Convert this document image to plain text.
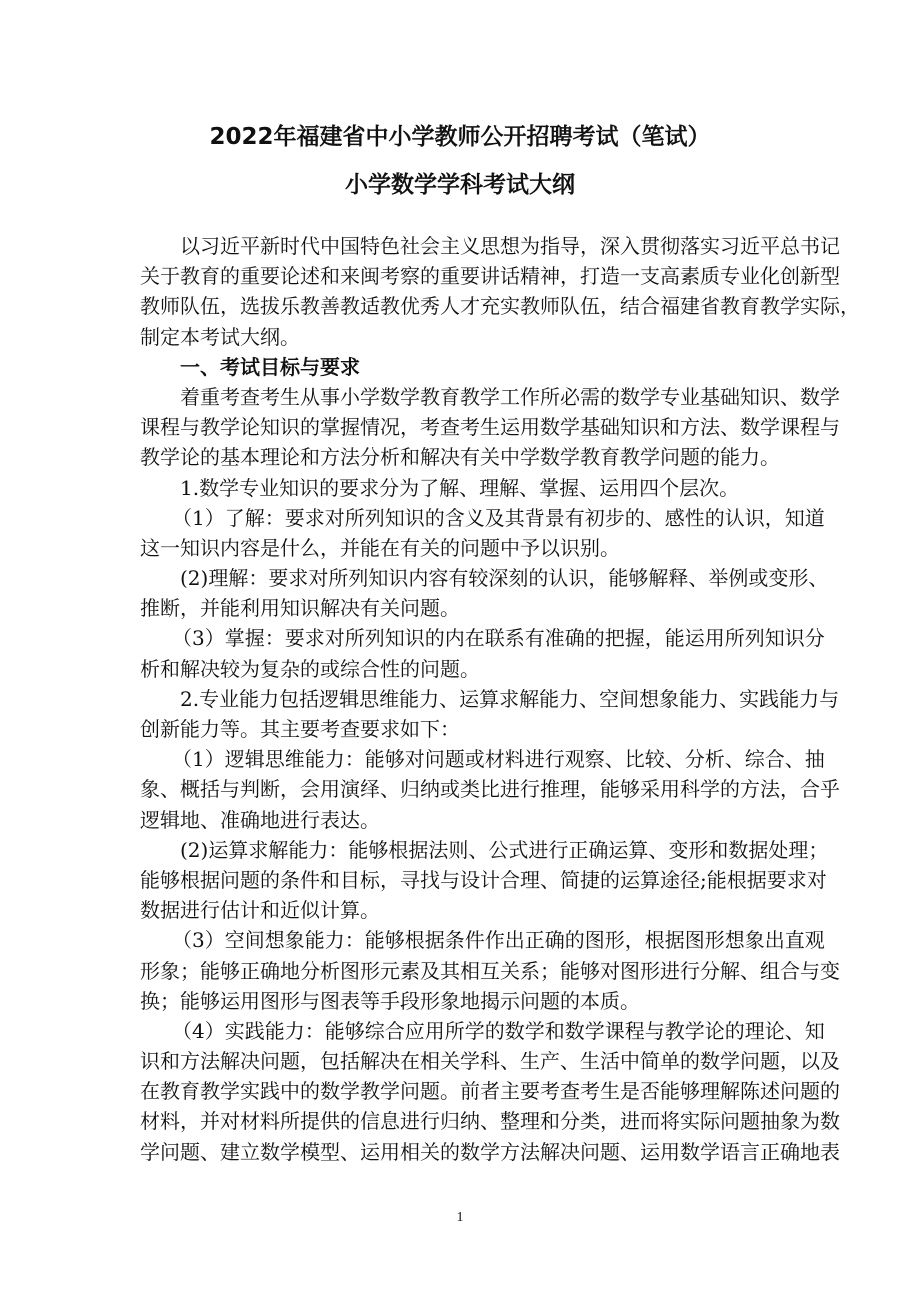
2022年福建省中小学教师公开招聘考试（笔试）
小学数学学科考试大纲
以习近平新时代中国特色社会主义思想为指导，深入贯彻落实习近平总书记
关于教育的重要论述和来闽考察的重要讲话精神，打造一支高素质专业化创新型
教师队伍，选拔乐教善教适教优秀人才充实教师队伍，结合福建省教育教学实际，
制定本考试大纲。
一、考试目标与要求
着重考查考生从事小学数学教育教学工作所必需的数学专业基础知识、数学
课程与教学论知识的掌握情况，考查考生运用数学基础知识和方法、数学课程与
教学论的基本理论和方法分析和解决有关中学数学教育教学问题的能力。
1.数学专业知识的要求分为了解、理解、掌握、运用四个层次。
（1）了解：要求对所列知识的含义及其背景有初步的、感性的认识，知道
这一知识内容是什么，并能在有关的问题中予以识别。
(2)理解：要求对所列知识内容有较深刻的认识，能够解释、举例或变形、
推断，并能利用知识解决有关问题。
（3）掌握：要求对所列知识的内在联系有准确的把握，能运用所列知识分
析和解决较为复杂的或综合性的问题。
2.专业能力包括逻辑思维能力、运算求解能力、空间想象能力、实践能力与
创新能力等。其主要考查要求如下：
（1）逻辑思维能力：能够对问题或材料进行观察、比较、分析、综合、抽
象、概括与判断，会用演绎、归纳或类比进行推理，能够采用科学的方法，合乎
逻辑地、准确地进行表达。
(2)运算求解能力：能够根据法则、公式进行正确运算、变形和数据处理；
能够根据问题的条件和目标，寻找与设计合理、简捷的运算途径;能根据要求对
数据进行估计和近似计算。
（3）空间想象能力：能够根据条件作出正确的图形，根据图形想象出直观
形象；能够正确地分析图形元素及其相互关系；能够对图形进行分解、组合与变
换；能够运用图形与图表等手段形象地揭示问题的本质。
（4）实践能力：能够综合应用所学的数学和数学课程与教学论的理论、知
识和方法解决问题，包括解决在相关学科、生产、生活中简单的数学问题，以及
在教育教学实践中的数学教学问题。前者主要考查考生是否能够理解陈述问题的
材料，并对材料所提供的信息进行归纳、整理和分类，进而将实际问题抽象为数
学问题、建立数学模型、运用相关的数学方法解决问题、运用数学语言正确地表
1
